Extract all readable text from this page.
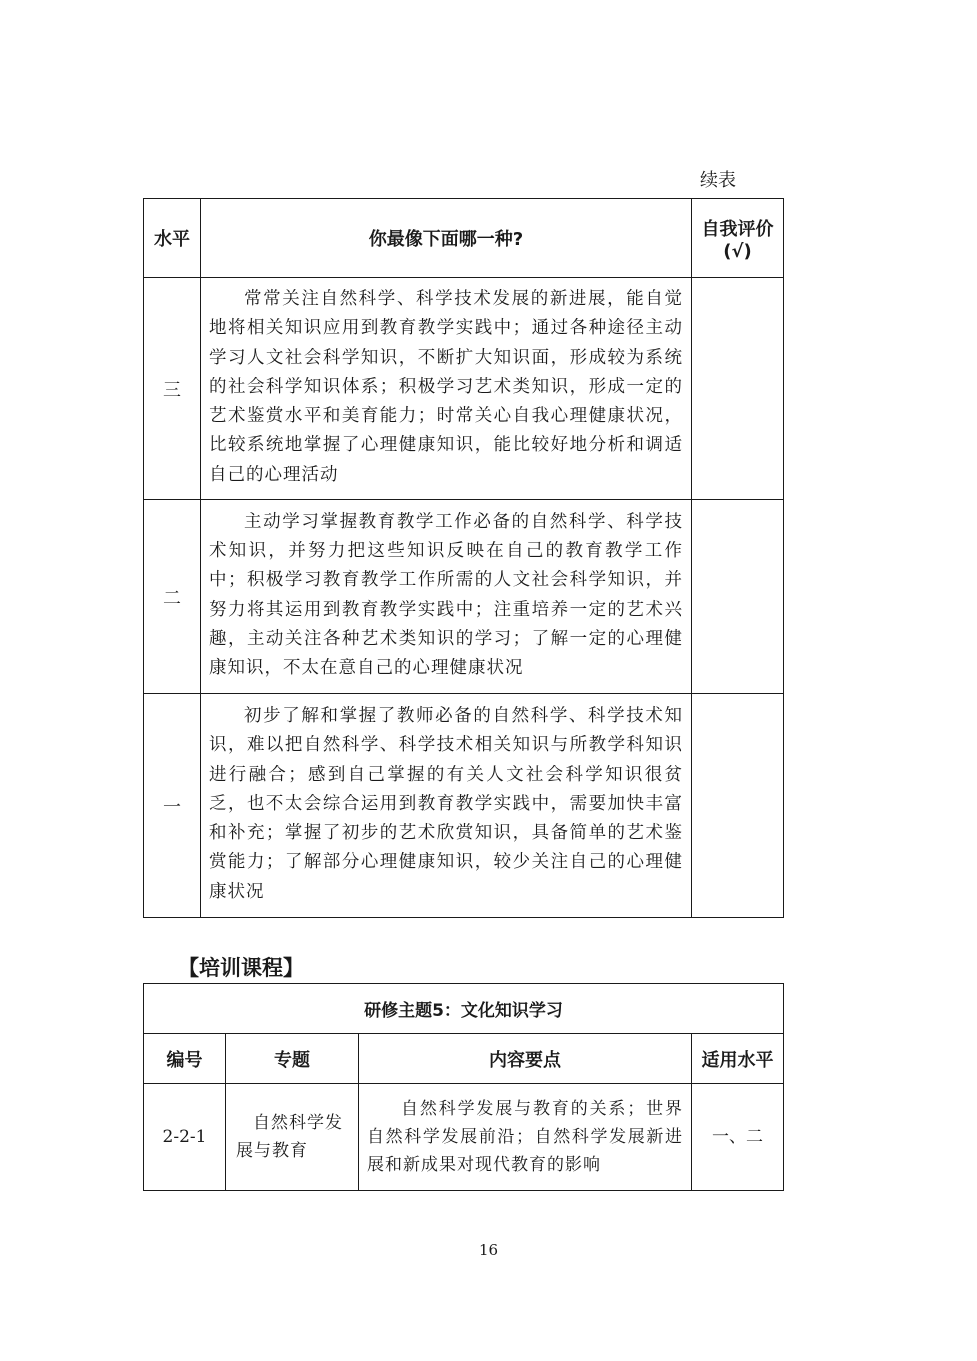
续表
水平	你最像下面哪一种?	自我评价
(√)

三	常常关注自然科学、科学技术发展的新进展，能自觉地将相关知识应用到教育教学实践中；通过各种途径主动学习人文社会科学知识，不断扩大知识面，形成较为系统的社会科学知识体系；积极学习艺术类知识，形成一定的艺术鉴赏水平和美育能力；时常关心自我心理健康状况，比较系统地掌握了心理健康知识，能比较好地分析和调适自己的心理活动	

二	主动学习掌握教育教学工作必备的自然科学、科学技术知识，并努力把这些知识反映在自己的教育教学工作中；积极学习教育教学工作所需的人文社会科学知识，并努力将其运用到教育教学实践中；注重培养一定的艺术兴趣，主动关注各种艺术类知识的学习；了解一定的心理健康知识，不太在意自己的心理健康状况	

一	初步了解和掌握了教师必备的自然科学、科学技术知识，难以把自然科学、科学技术相关知识与所教学科知识进行融合；感到自己掌握的有关人文社会科学知识很贫乏，也不太会综合运用到教育教学实践中，需要加快丰富和补充；掌握了初步的艺术欣赏知识，具备简单的艺术鉴赏能力；了解部分心理健康知识，较少关注自己的心理健康状况	

【培训课程】
研修主题5：文化知识学习			
编号	专题	内容要点	适用水平
2-2-1	自然科学发展与教育	自然科学发展与教育的关系；世界自然科学发展前沿；自然科学发展新进展和新成果对现代教育的影响	一、二
16
